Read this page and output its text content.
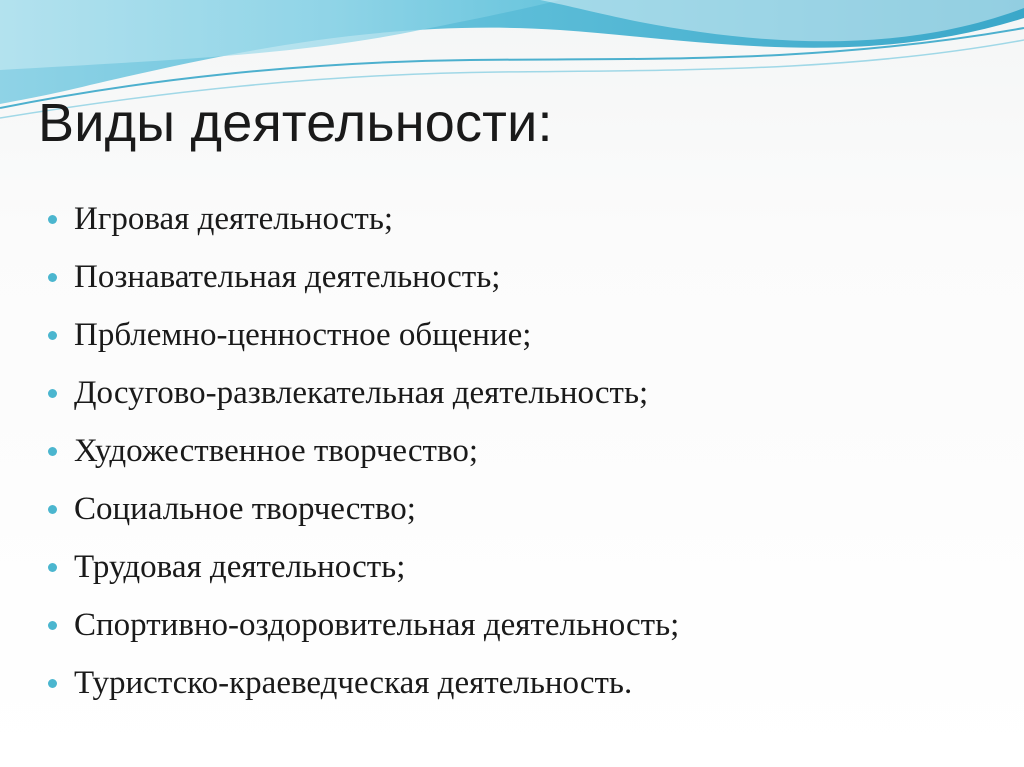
Виды деятельности:
Игровая деятельность;
Познавательная деятельность;
Прблемно-ценностное общение;
Досугово-развлекательная деятельность;
Художественное творчество;
Социальное творчество;
Трудовая деятельность;
Спортивно-оздоровительная деятельность;
Туристско-краеведческая деятельность.
